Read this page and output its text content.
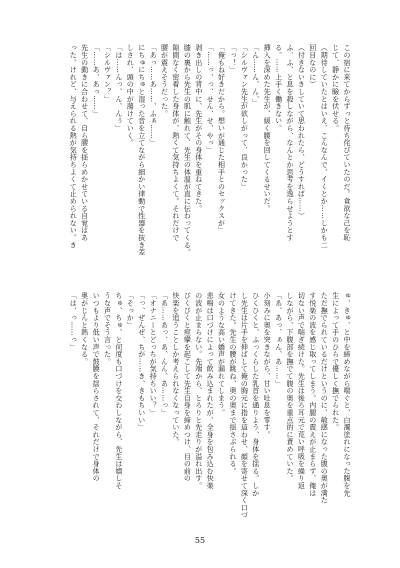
この宿に来てからずっと待ち侘びていたのだ。貪欲な己を恥
じて、静かに瞼を伏せる。
（期待していたとはいえ、こんなんで、イくとか……しかも二
回目なのに）
（付きないきしていて思われたら、どうすれば……）
ふ、ふ、と息を殺しながら、なんとか思考を逸らせようとす
る。……上手く働きない。
挿入を深めた先生が、緩く腰を回してくるせいだ。
「ん……ん、ん、」
「シルヴァン先生が欲しがって、良かった」
「っ！」
「俺もね好きだから。想いが通じた相手とのセックスが」
「……っ、っ、せん、せ、やっ」
剥き出しの背中に、先生がその身体を重ねてきた。
膝の裏から先生の肌に触れて、先生の体温が直に伝わってくる。
隙間なく密着した身体が、熱くて気持ちよくて。それだけで
腰が震えそうだった。
「あっ……あ……、ふぁ……」
にちゅにちゅと湿った音を立てながら細かい律動で性器を抜き差
しされ、頭の中が蕩けていく。
「は……んっ、ん、んぅ」
「シルヴァン？」
「……あ、あっ……」
先生の動きに合わせて、自ら腰を揺らめかせている自覚はあ
った。けれど、与えられる熱が気持ちよくて止められない。き
ゅ、きゅ、と中を締めながら喘ぐと、白濁塗れになった腹を先
生によって手のひらで優しく撫でられた。
ただ撫でられているだけというのに、敏感になった腹の奥が満た
す悦楽の波を感じ取ってしまう。内腿の震えが止まらず、俺は
切ない声で喘ぎ続けた。先生は後ろ耳元で荒い呼吸を繰り返
しながら、下腹部を撫でて腹の奥を重点的に責めていた。
「あ、あっ、ぁん、あ……」
小刻みに奥を突きながら、甘い吐息を零す。
ひくひくと、ふっくらした乳首を通りよう、身体を揺る。しか
し先生は片手を伸ばして俺の胸元に指を這わせ、顔を寄せて深く口づ
けてきた。先生の腰が跳ね、奥の奥まで揺さぶられる。
女のような高い嬌声が漏れてしまう。
悲鳴は口づけによって飲み込まれたが、全身を包み込む快楽
の波が止まらない。先端から、とろりと先走りが溢れ出す。
びくびくと痙攣を起こして先生自身を締めつけ、目の前の
快楽を追うことしか考えられなくなっていた。
「あ……あっ、あ、んん、あ……っ」
「オナニーとどっちが気持ちいい？」
「っ、ぜんぜ、ちが……き、きもちいい」
「そっか」
ちゅ、ちゅ、と何度も口づけを交わしながら、先生は嬉しそ
うな声でそう言った。
いつもより低い声で鼓膜を揺らされて、それだけで身体の
奥がじんと熱くなる。
「は、っ……っ」
55
